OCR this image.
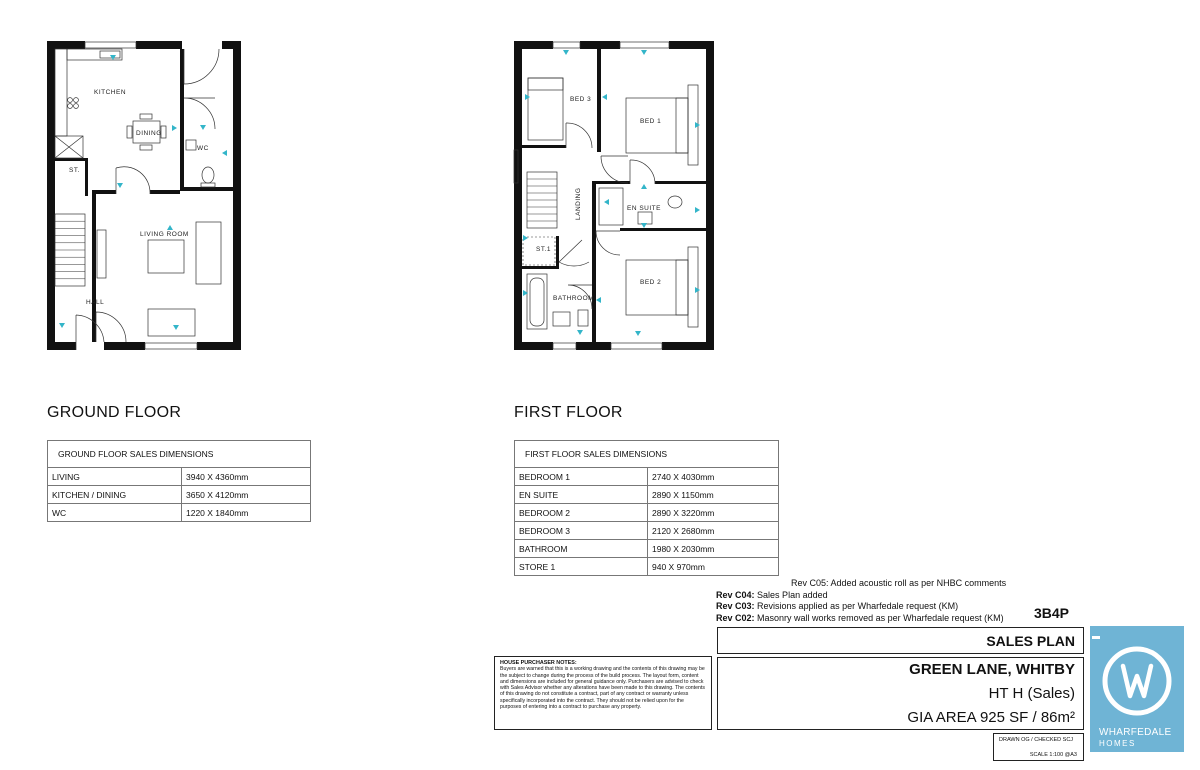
KITCHEN
DINING
WC
ST.
LIVING ROOM
HALL
BED 3
BED 1
LANDING	EN SUITE
ST.1
BED 2
BATHROOM
GROUND FLOOR	FIRST FLOOR
GROUND FLOOR SALES DIMENSIONS	
LIVING	3940 X 4360mm
KITCHEN / DINING	3650 X 4120mm
WC	1220 X 1840mm
FIRST FLOOR SALES DIMENSIONS	
BEDROOM 1	2740 X 4030mm
EN SUITE	2890 X 1150mm
BEDROOM 2	2890 X 3220mm
BEDROOM 3	2120 X 2680mm
BATHROOM	1980 X 2030mm
STORE 1	940 X 970mm
Rev C05: Added acoustic roll as per NHBC comments
Rev C04: Sales Plan added
Rev C03: Revisions applied as per Wharfedale request (KM)
Rev C02: Masonry wall works removed as per Wharfedale request (KM)	3B4P
SALES PLAN
GREEN LANE, WHITBY
HT H (Sales)
GIA AREA 925 SF / 86m²
DRAWN OG / CHECKED SCJ
SCALE 1:100 @A3
HOUSE PURCHASER NOTES:
Buyers are warned that this is a working drawing and the contents of this drawing may be the subject to change during the process of the build process. The layout form, content and dimensions are included for general guidance only. Purchasers are advised to check with Sales Advisor whether any alterations have been made to this drawing. The contents of this drawing do not constitute a contract, part of any contract or warranty unless specifically incorporated into the contract. They should not be relied upon for the purposes of entering into a contract to purchase any property.
WHARFEDALE
HOMES
